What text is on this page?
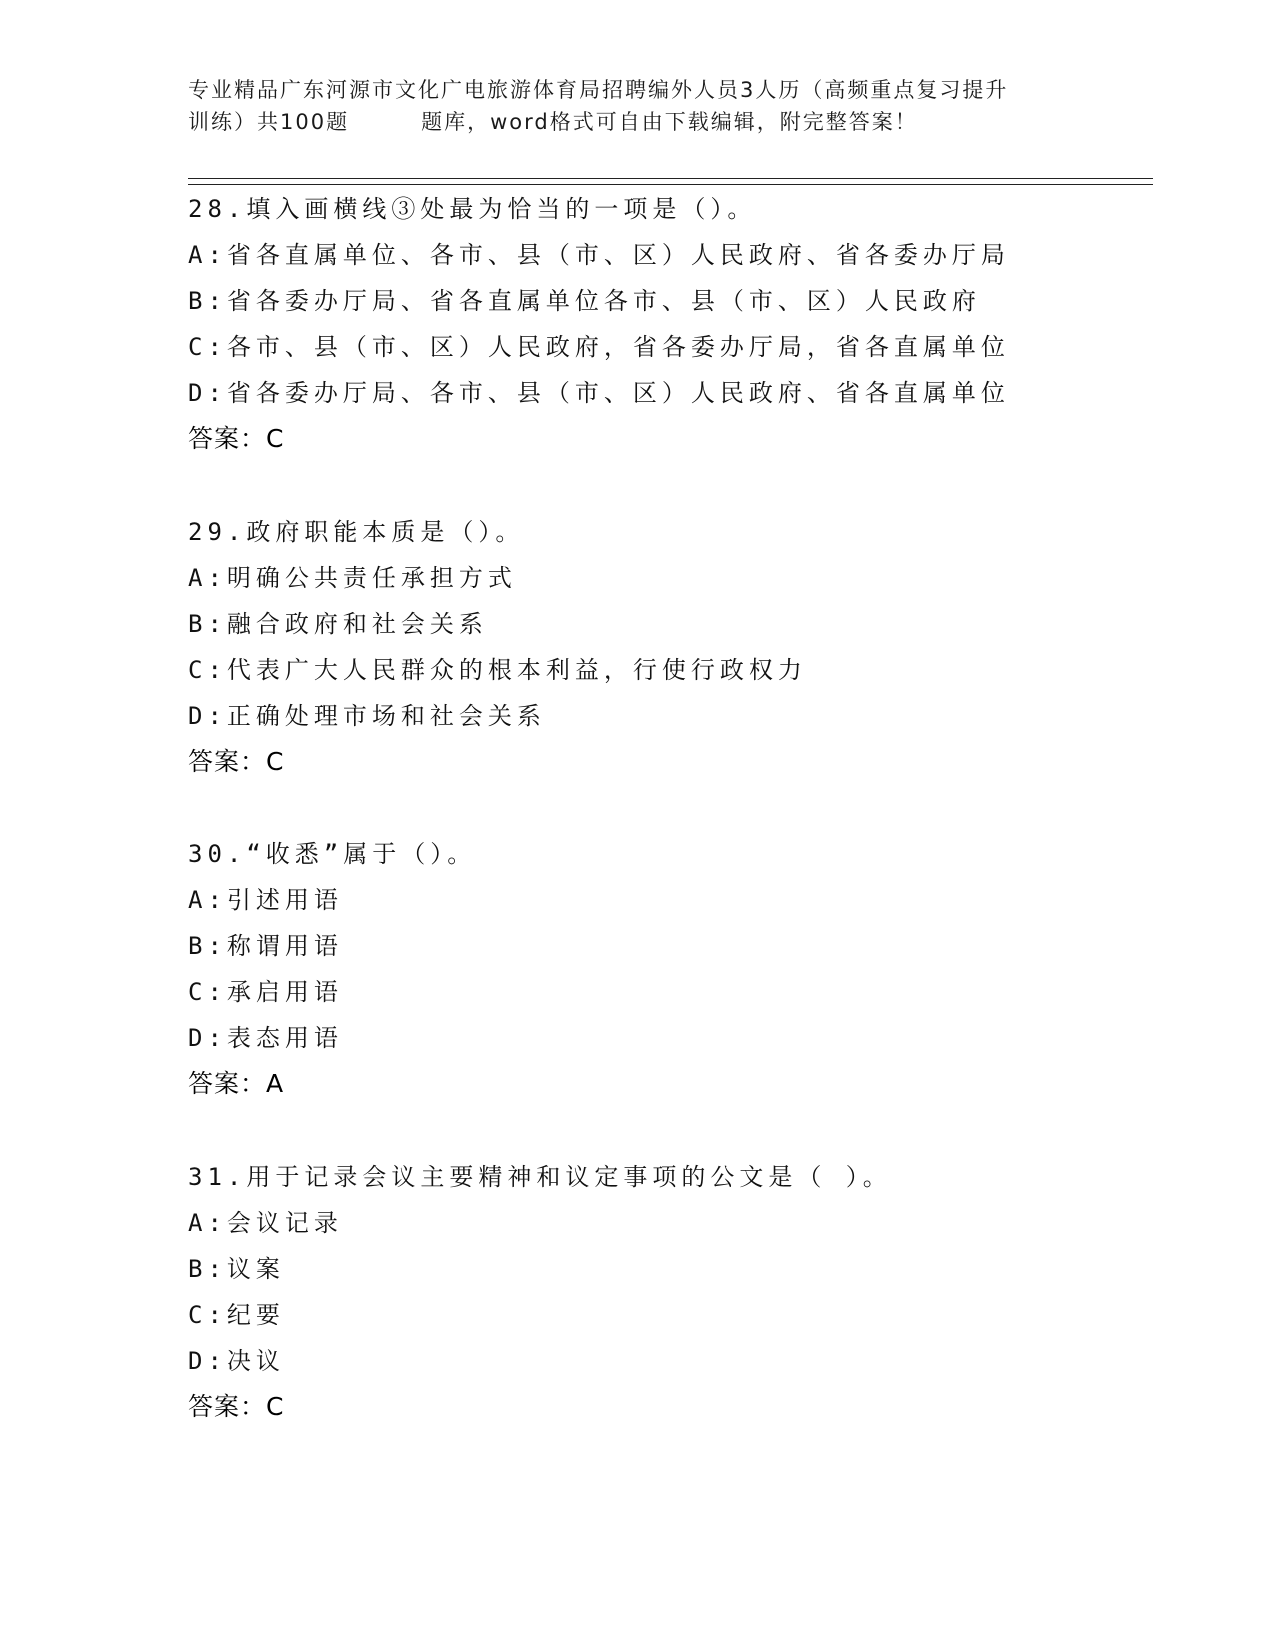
专业精品广东河源市文化广电旅游体育局招聘编外人员3人历（高频重点复习提升
训练）共100题	题库，word格式可自由下载编辑，附完整答案！
28.填入画横线③处最为恰当的一项是（）。
A:省各直属单位、各市、县（市、区）人民政府、省各委办厅局
B:省各委办厅局、省各直属单位各市、县（市、区）人民政府
C:各市、县（市、区）人民政府，省各委办厅局，省各直属单位
D:省各委办厅局、各市、县（市、区）人民政府、省各直属单位
答案：C
29.政府职能本质是（）。
A:明确公共责任承担方式
B:融合政府和社会关系
C:代表广大人民群众的根本利益，行使行政权力
D:正确处理市场和社会关系
答案：C
30.“收悉”属于（）。
A:引述用语
B:称谓用语
C:承启用语
D:表态用语
答案：A
31.用于记录会议主要精神和议定事项的公文是（ ）。
A:会议记录
B:议案
C:纪要
D:决议
答案：C
